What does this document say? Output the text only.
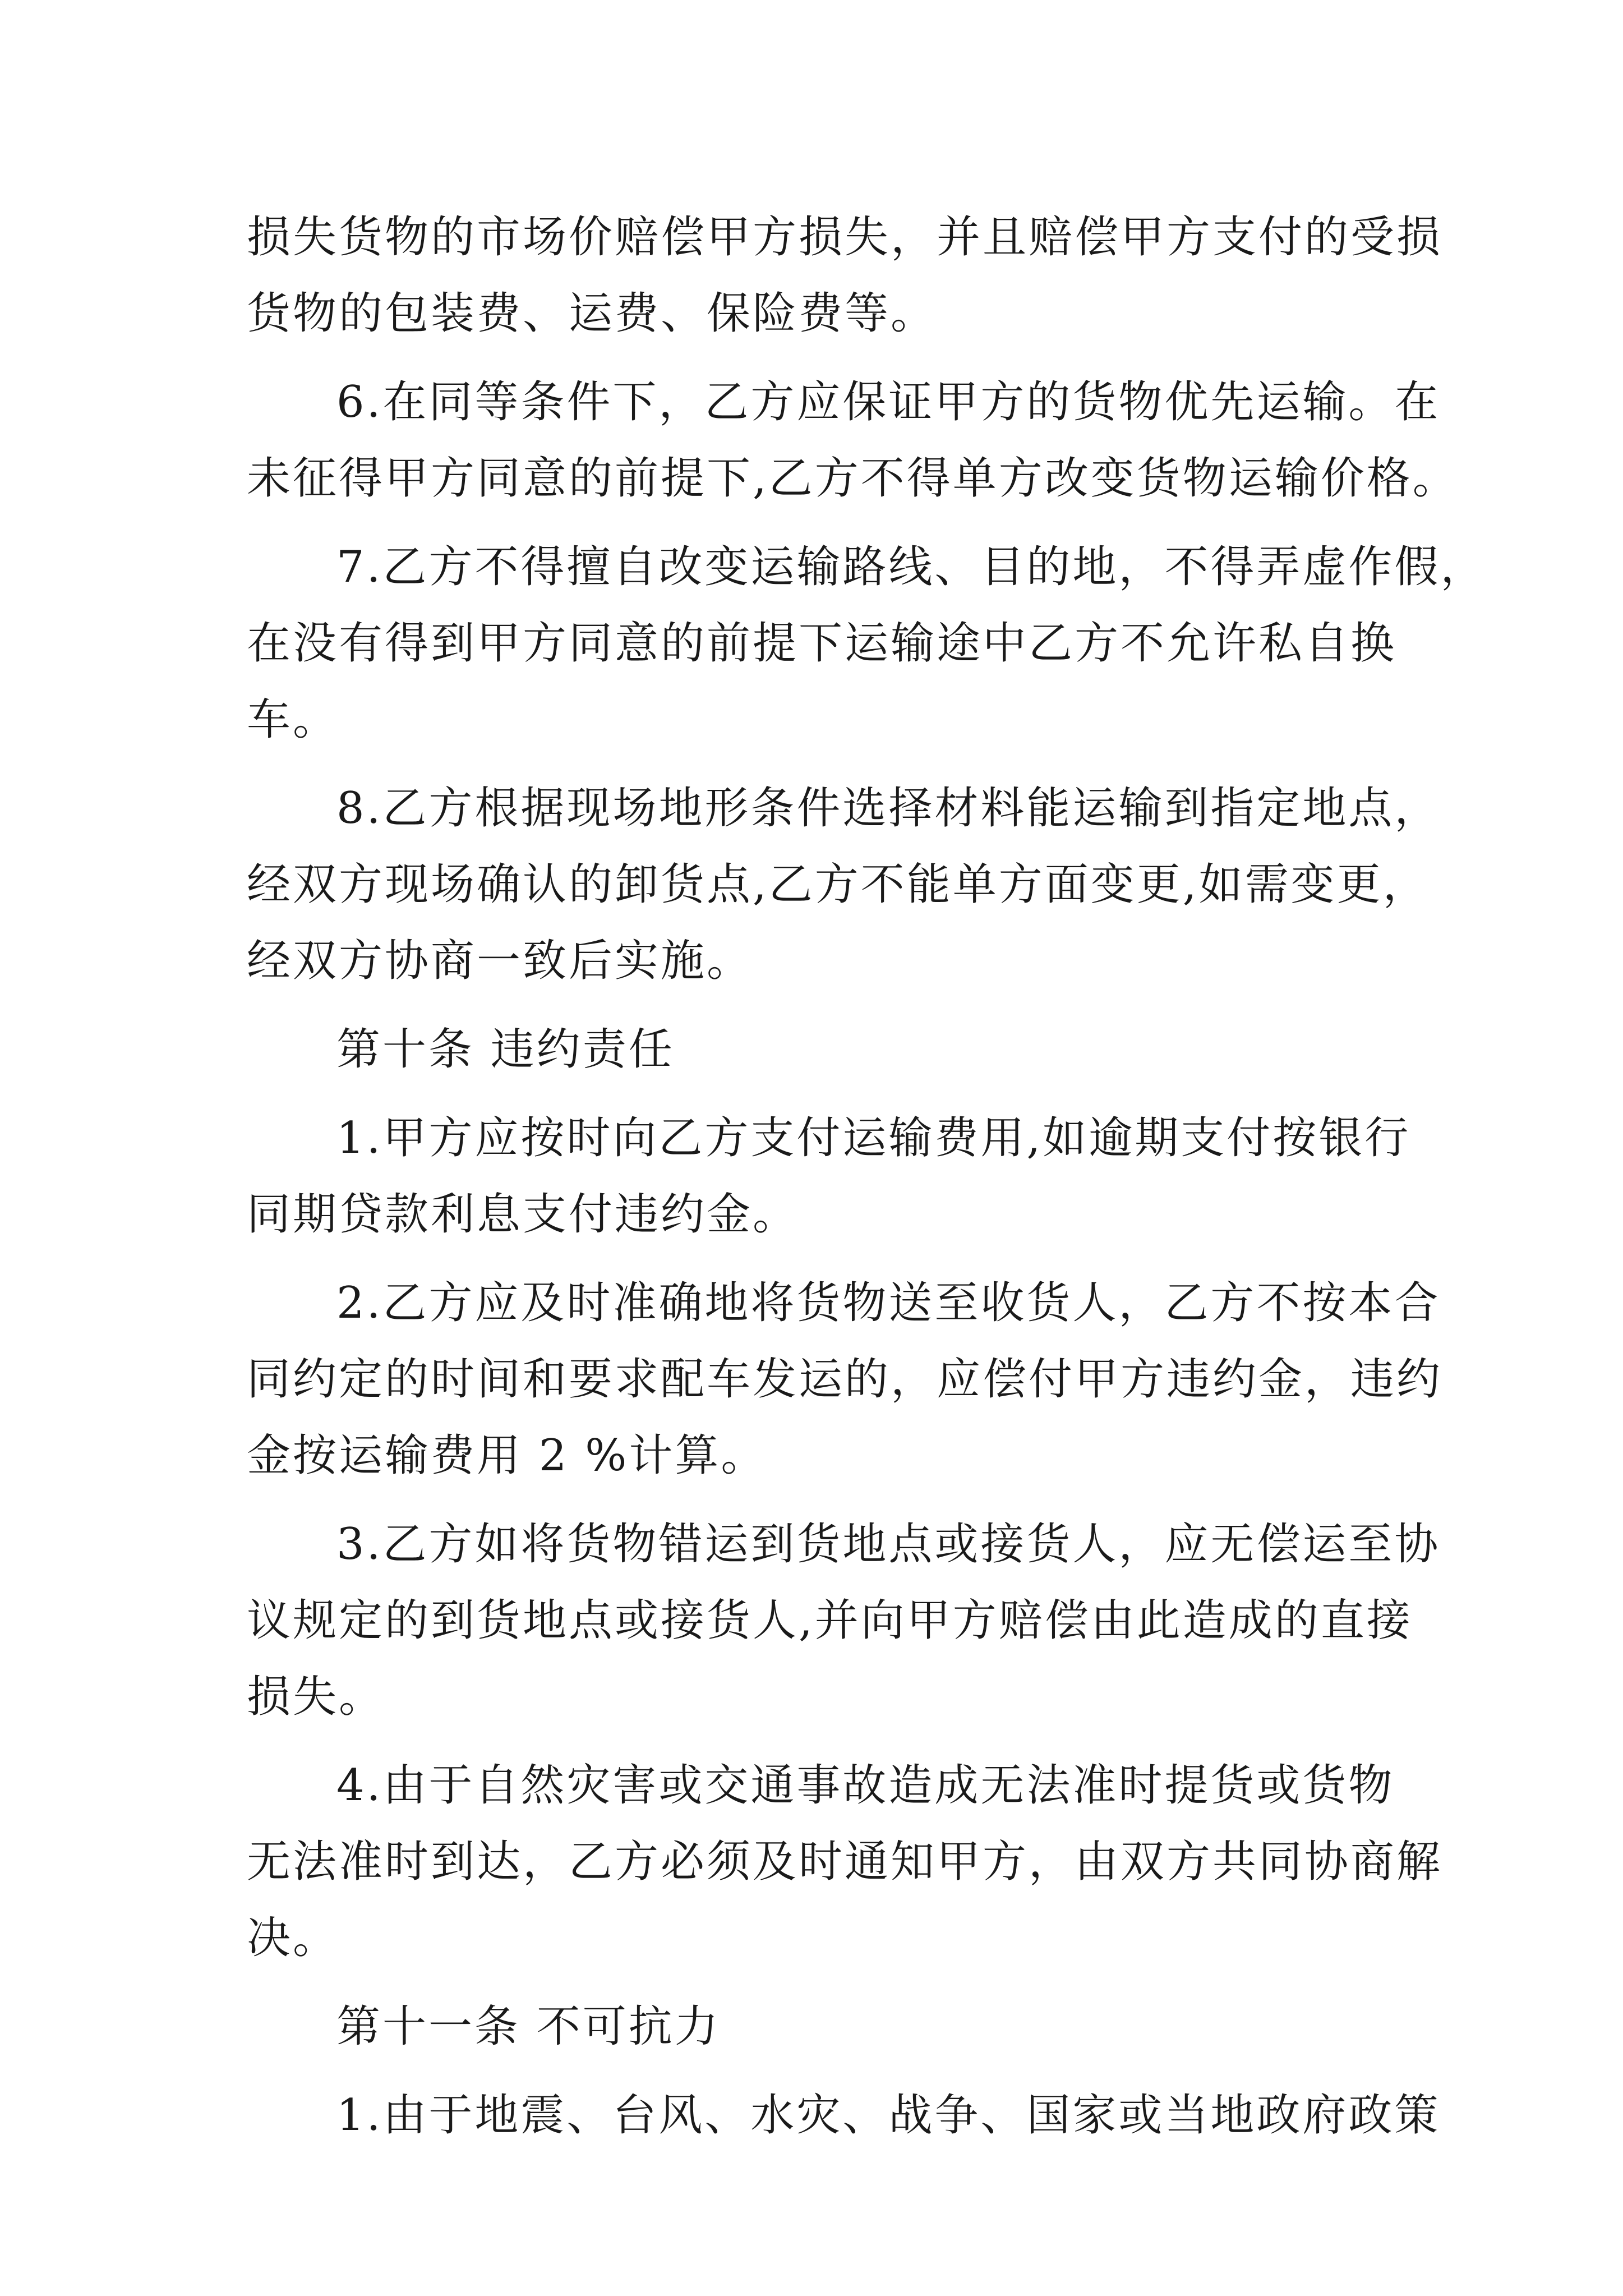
损失货物的市场价赔偿甲方损失，并且赔偿甲方支付的受损
货物的包装费、运费、保险费等。
6.在同等条件下，乙方应保证甲方的货物优先运输。在
未征得甲方同意的前提下,乙方不得单方改变货物运输价格。
7.乙方不得擅自改变运输路线、目的地，不得弄虚作假，
在没有得到甲方同意的前提下运输途中乙方不允许私自换
车。
8.乙方根据现场地形条件选择材料能运输到指定地点，
经双方现场确认的卸货点,乙方不能单方面变更,如需变更，
经双方协商一致后实施。
第十条 违约责任
1.甲方应按时向乙方支付运输费用,如逾期支付按银行
同期贷款利息支付违约金。
2.乙方应及时准确地将货物送至收货人，乙方不按本合
同约定的时间和要求配车发运的，应偿付甲方违约金，违约
金按运输费用 2 %计算。
3.乙方如将货物错运到货地点或接货人，应无偿运至协
议规定的到货地点或接货人,并向甲方赔偿由此造成的直接
损失。
4.由于自然灾害或交通事故造成无法准时提货或货物
无法准时到达，乙方必须及时通知甲方，由双方共同协商解
决。
第十一条 不可抗力
1.由于地震、台风、水灾、战争、国家或当地政府政策
